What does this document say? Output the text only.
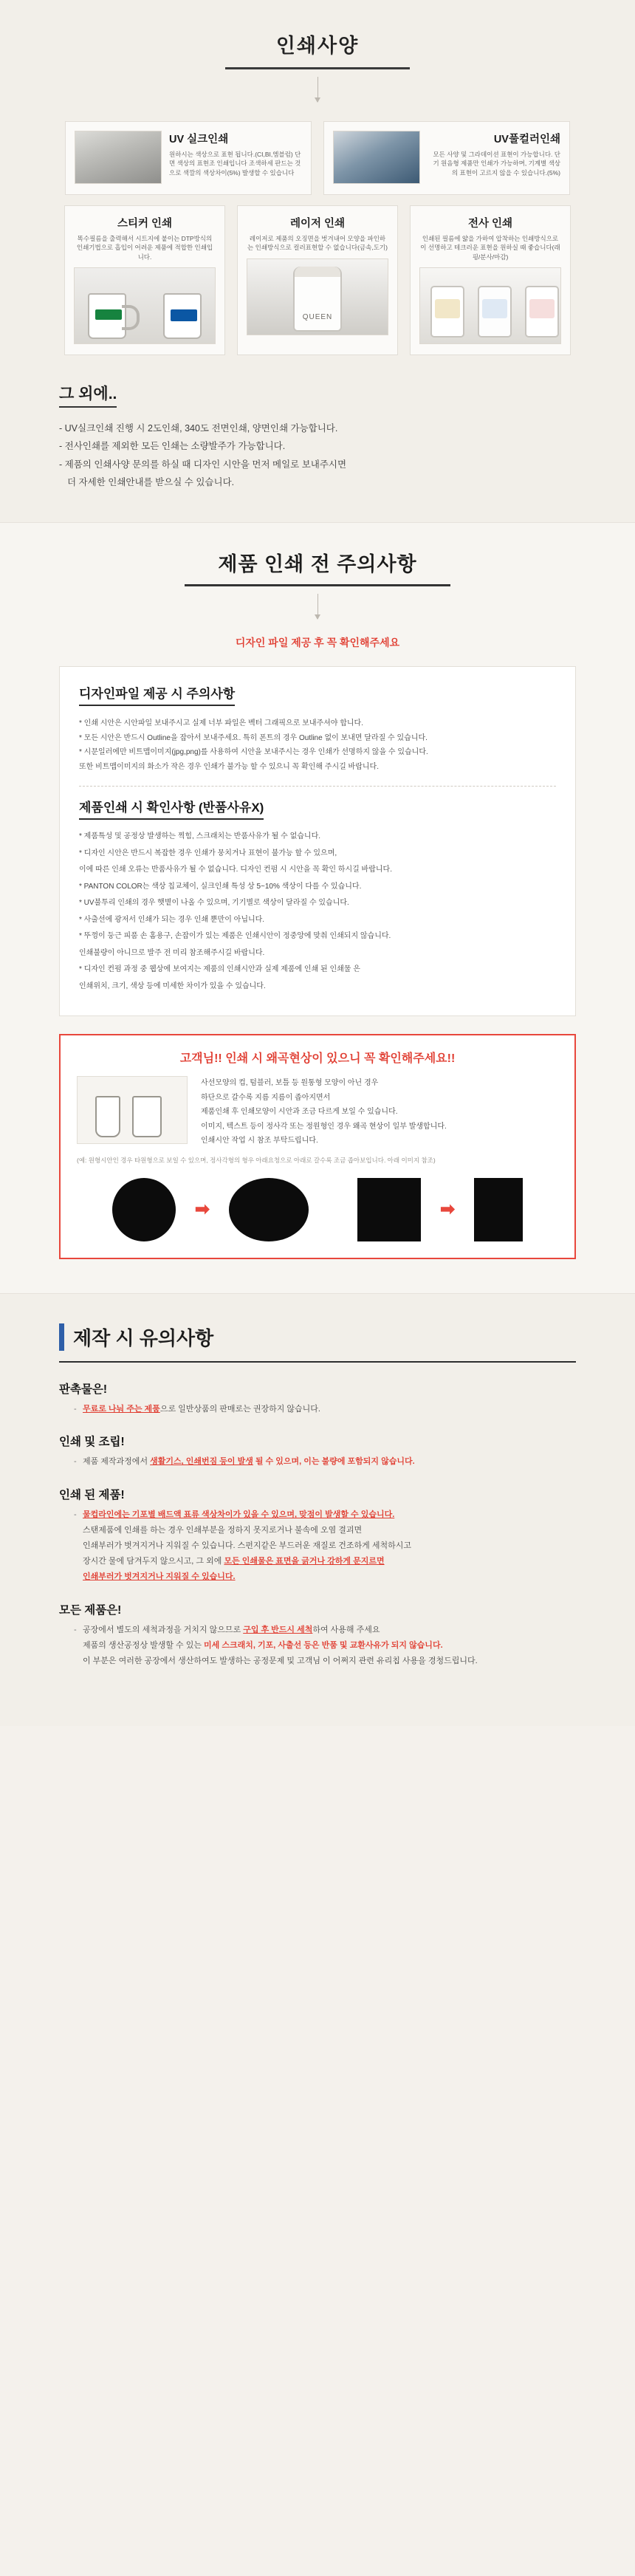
인쇄사양
UV 실크인쇄
원하시는 색상으로 표현 됩니다.(CI,BI,엠블럼) 단면 색상의 표현조 인쇄입니다 조색하세 판드는 것으로 색깔의 색상차이(5%) 발생할 수 있습니다
UV풀컬러인쇄
모든 사양 및 그라데이션 표현이 가능합니다. 단기 원음형 제품만 인쇄가 가능하며, 기계별 색상의 표현이 고르지 않을 수 있습니다.(5%)
스티커 인쇄
똑수필름을 출력해서 시트지에 붙이는 DTP방식의 인쇄기법으로 흡입이 어려운 제품에 적합한 인쇄입니다.
레이저 인쇄
레이저로 제품의 오징면을 벗겨내어 모양을 파인하는 인쇄방식으로 컬러표현할 수 없습니다(금속,도기)
QUEEN
전사 인쇄
인쇄된 필름에 얇을 가하여 압착하는 인쇄방식으로 이 선명하고 테크러운 표현을 원하실 때 좋습니다(래핑/분사/마감)
그 외에..
- UV실크인쇄 진행 시 2도인쇄, 340도 전면인쇄, 양면인쇄 가능합니다.
- 전사인쇄를 제외한 모든 인쇄는 소량발주가 가능합니다.
- 제품의 인쇄사양 문의를 하실 때 디자인 시안을 먼저 메일로 보내주시면
더 자세한 인쇄안내를 받으실 수 있습니다.
제품 인쇄 전 주의사항
디자인 파일 제공 후 꼭 확인해주세요
디자인파일 제공 시 주의사항
* 인쇄 시안은 시안파일 보내주시고 실제 너부 파일은 벡터 그래픽으로 보내주셔야 합니다.
* 모든 시안은 반드시 Outline을 잡아서 보내주세요. 특히 폰트의 경우 Outline 없이 보내면 달라질 수 있습니다.
* 시문일러에만 비트맵이미지(jpg,png)를 사용하여 시안을 보내주시는 경우 인쇄가 선명하지 않을 수 있습니다.
또한 비트맵이미지의 화소가 작은 경우 인쇄가 불가능 할 수 있으니 꼭 확인해 주시길 바랍니다.
제품인쇄 시 확인사항 (반품사유X)
* 제품특성 및 공정상 발생하는 찍힘, 스크래치는 반품사유가 될 수 없습니다.
* 디자인 시안은 반드시 복잡한 경우 인쇄가 뭉치거나 표현이 불가능 할 수 있으며,
이에 따른 인쇄 오류는 반품사유가 될 수 없습니다. 디자인 컨펌 시 시안을 꼭 확인 하시길 바랍니다.
* PANTON COLOR는 색상 칩교체이, 실크인쇄 특성 상 5~10% 색상이 다를 수 있습니다.
* UV불투리 인쇄의 경우 햇볕이 나올 수 있으며, 기기별로 색상이 달라질 수 있습니다.
* 사출선에 광저서 인쇄가 되는 경우 인쇄 뿐만이 아닙니다.
* 뚜껑이 둥근 피품 손 홈용구, 손잡이가 있는 제품은 인쇄시안이 정중앙에 맞춰 인쇄되지 않습니다.
인쇄불량이 아니므로 발주 전 미리 참조해주시길 바랍니다.
* 디자인 컨펌 과정 중 웹상에 보여지는 제품의 인쇄시안과 실제 제품에 인쇄 된 인쇄물 은
인쇄위치, 크기, 색상 등에 미세한 차이가 있을 수 있습니다.
고객님!! 인쇄 시 왜곡현상이 있으니 꼭 확인해주세요!!
사선모양의 컵, 텀블러, 보틀 등 원통형 모양이 아닌 경우
하단으로 갈수록 지름 지름이 좁아지면서
제품인쇄 후 인쇄모양이 시안과 조금 다르게 보일 수 있습니다.
이미지, 텍스트 등이 정사각 또는 정원형인 경우 왜곡 현상이 일부 발생합니다.
인쇄시안 작업 시 참조 부탁드립니다.
(예: 원형시안인 경우 타원형으로 보일 수 있으며, 정사각형의 형우 아래요청으로 아래로 갈수록 조금 좁아보입니다. 아래 이미지 참조)
➡	➡
제작 시 유의사항
판촉물은!
- 무료로 나눠 주는 제품으로 일반상품의 판매로는 권장하지 않습니다.
인쇄 및 조립!
- 제품 제작과정에서 생활기스, 인쇄번짐 등이 발생 될 수 있으며, 이는 불량에 포함되지 않습니다.
인쇄 된 제품!
- 물컵라인에는 기포별 배드액 표류 색상차이가 있을 수 있으며, 맞점이 발생할 수 있습니다.
스탠제품에 인쇄를 하는 경우 인쇄부분을 정하지 못지로거나 불속에 오염 결괴면
인쇄부러가 벗겨지거나 지워질 수 있습니다. 스펀지같은 부드러운 재질로 건조하게 세척하시고
장시간 물에 담겨두지 않으시고, 그 외에 모든 인쇄물은 표면을 긁거나 강하게 문지르면
인쇄부러가 벗겨지거나 지워질 수 있습니다.
모든 제품은!
- 공장에서 별도의 세척과정을 거치지 않으므로 구입 후 반드시 세척하여 사용해 주세요
제품의 생산공정상 발생할 수 있는 미세 스크래치, 기포, 사출선 등은 반품 및 교환사유가 되지 않습니다.
이 부분은 여러한 공장에서 생산하여도 발생하는 공정문제 및 고객님 이 어쩌지 관련 유리칩 사용을 경청드립니다.
